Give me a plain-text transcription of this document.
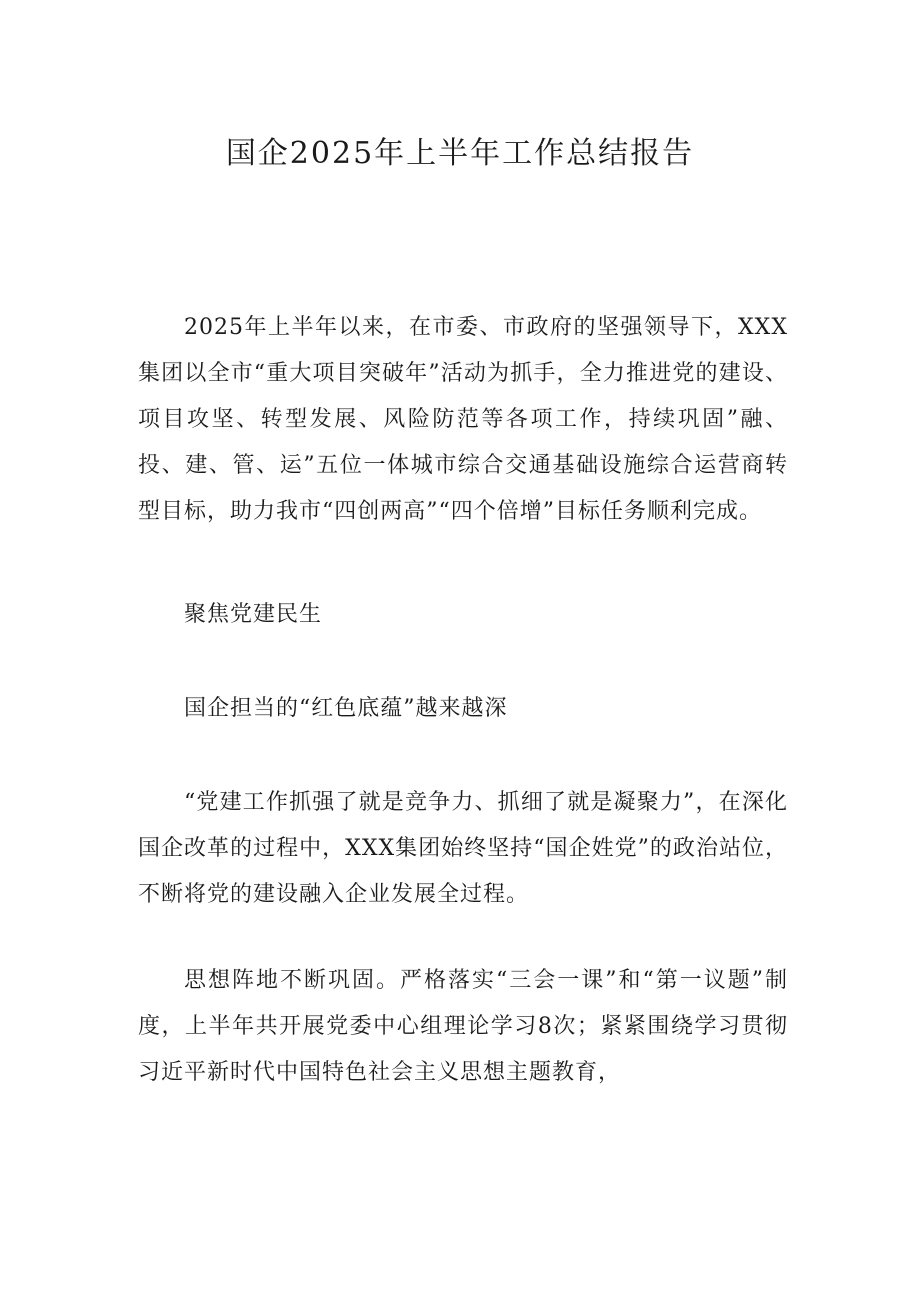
国企2025年上半年工作总结报告

2025年上半年以来，在市委、市政府的坚强领导下，XXX集团以全市“重大项目突破年”活动为抓手，全力推进党的建设、项目攻坚、转型发展、风险防范等各项工作，持续巩固”融、投、建、管、运”五位一体城市综合交通基础设施综合运营商转型目标，助力我市“四创两高”“四个倍增”目标任务顺利完成。

聚焦党建民生

国企担当的“红色底蕴”越来越深

“党建工作抓强了就是竞争力、抓细了就是凝聚力”，在深化国企改革的过程中，XXX集团始终坚持“国企姓党”的政治站位，不断将党的建设融入企业发展全过程。

思想阵地不断巩固。严格落实“三会一课”和“第一议题”制度，上半年共开展党委中心组理论学习8次；紧紧围绕学习贯彻习近平新时代中国特色社会主义思想主题教育，
